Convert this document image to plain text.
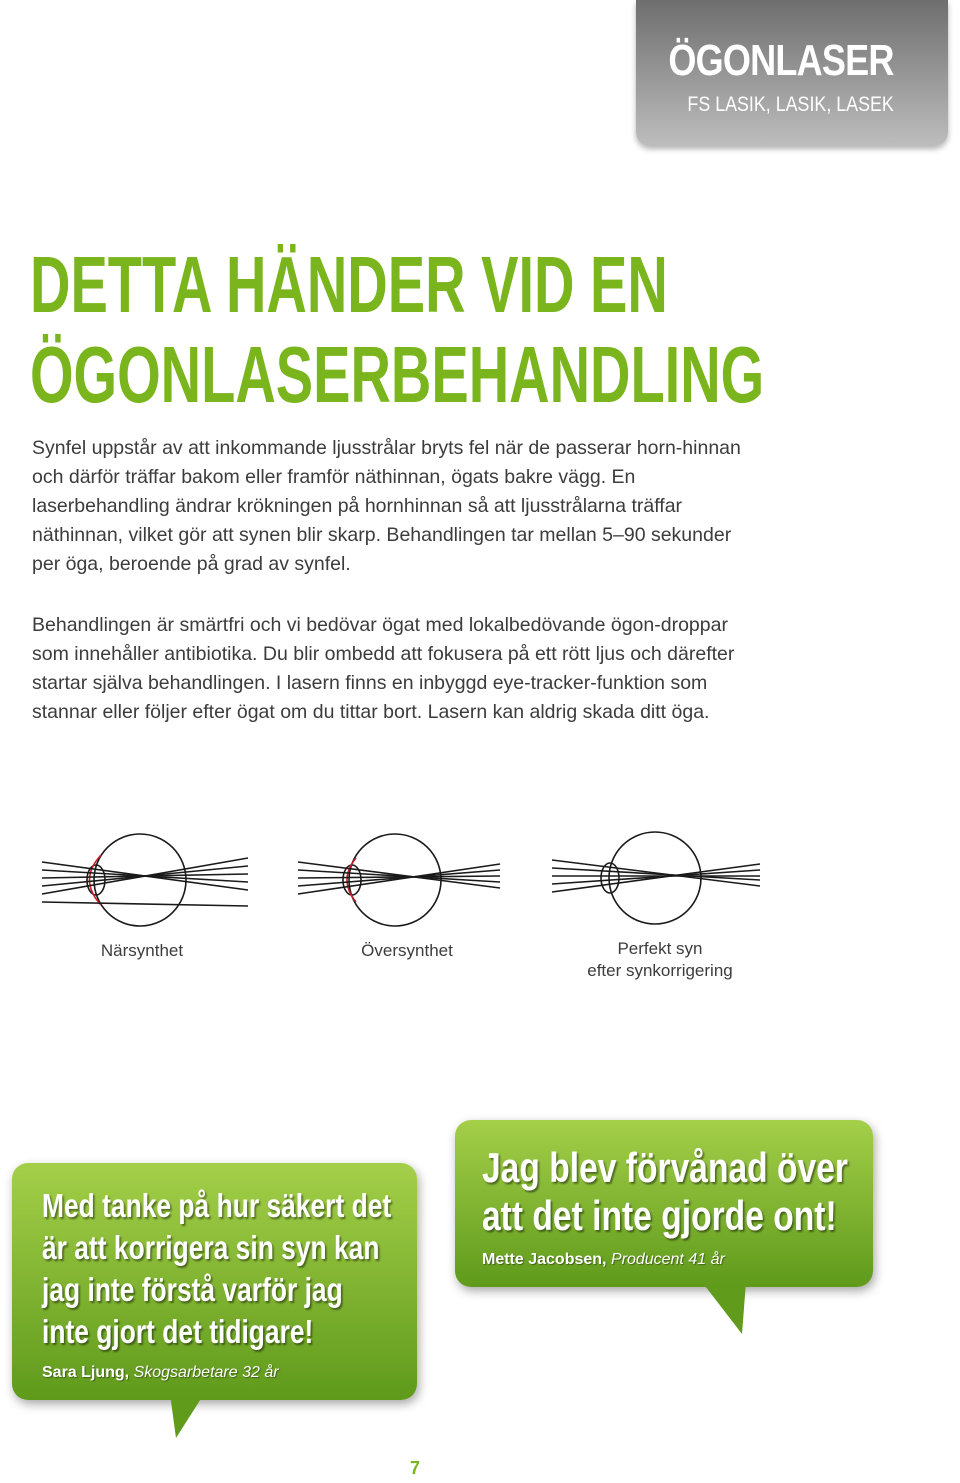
ÖGONLASER
FS LASIK, LASIK, LASEK
DETTA HÄNDER VID EN
ÖGONLASERBEHANDLING

Synfel uppstår av att inkommande ljusstrålar bryts fel när de passerar horn-hinnan och därför träffar bakom eller framför näthinnan, ögats bakre vägg. En laserbehandling ändrar krökningen på hornhinnan så att ljusstrålarna träffar näthinnan, vilket gör att synen blir skarp. Behandlingen tar mellan 5–90 sekunder per öga, beroende på grad av synfel.

Behandlingen är smärtfri och vi bedövar ögat med lokalbedövande ögon-droppar som innehåller antibiotika. Du blir ombedd att fokusera på ett rött ljus och därefter startar själva behandlingen. I lasern finns en inbyggd eye-tracker-funktion som stannar eller följer efter ögat om du tittar bort. Lasern kan aldrig skada ditt öga.

Närsynthet	Översynthet	Perfekt syn
efter synkorrigering
Med tanke på hur säkert det
är att korrigera sin syn kan
jag inte förstå varför jag
inte gjort det tidigare!
Sara Ljung, Skogsarbetare 32 år
Jag blev förvånad över
att det inte gjorde ont!
Mette Jacobsen, Producent 41 år
7
